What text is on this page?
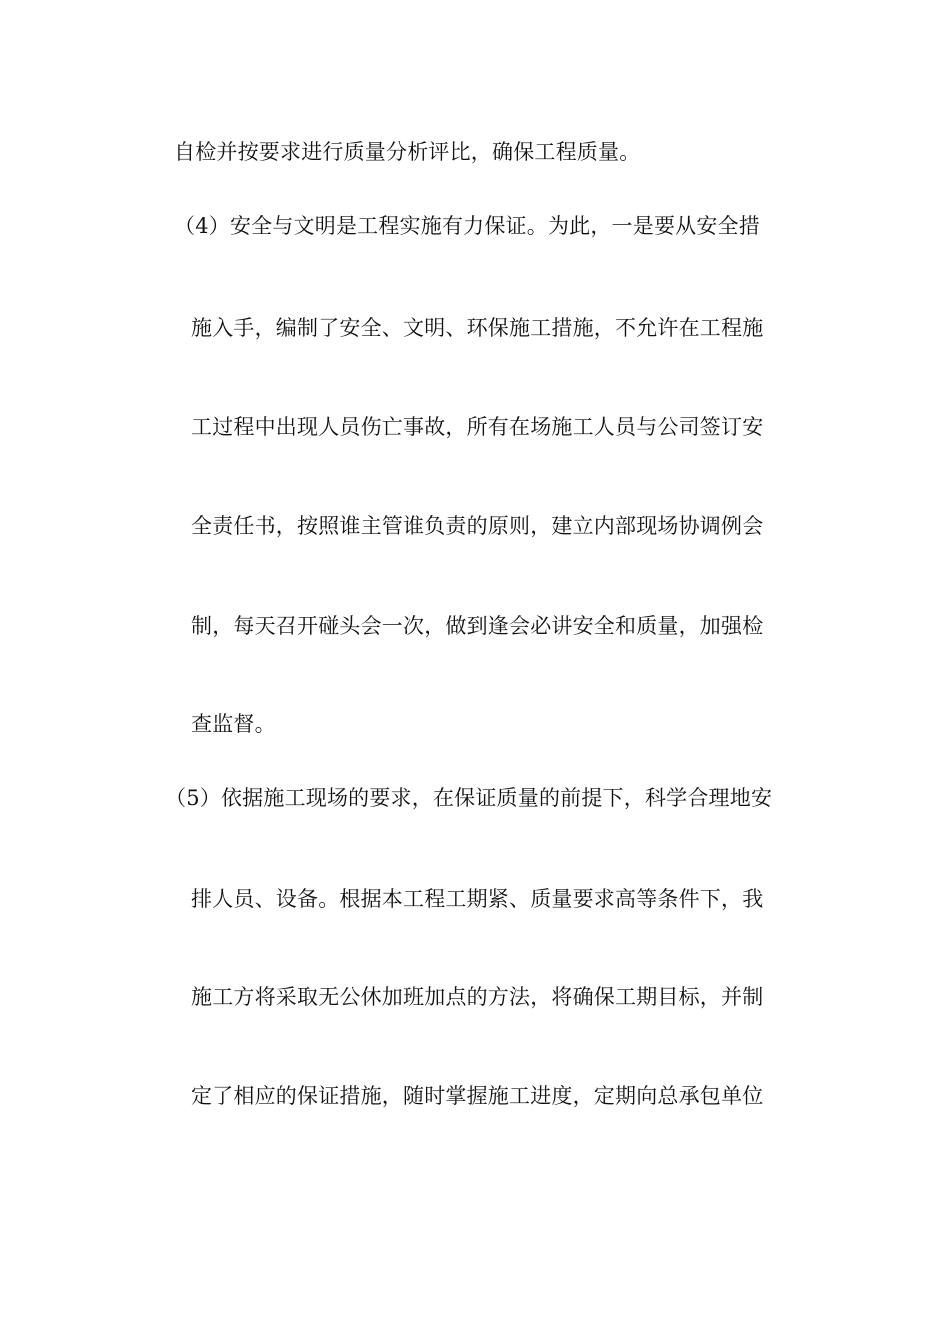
自检并按要求进行质量分析评比，确保工程质量。
（4）安全与文明是工程实施有力保证。为此，一是要从安全措
施入手，编制了安全、文明、环保施工措施，不允许在工程施
工过程中出现人员伤亡事故，所有在场施工人员与公司签订安
全责任书，按照谁主管谁负责的原则，建立内部现场协调例会
制，每天召开碰头会一次，做到逢会必讲安全和质量，加强检
查监督。
（5）依据施工现场的要求，在保证质量的前提下，科学合理地安
排人员、设备。根据本工程工期紧、质量要求高等条件下，我
施工方将采取无公休加班加点的方法，将确保工期目标，并制
定了相应的保证措施，随时掌握施工进度，定期向总承包单位
